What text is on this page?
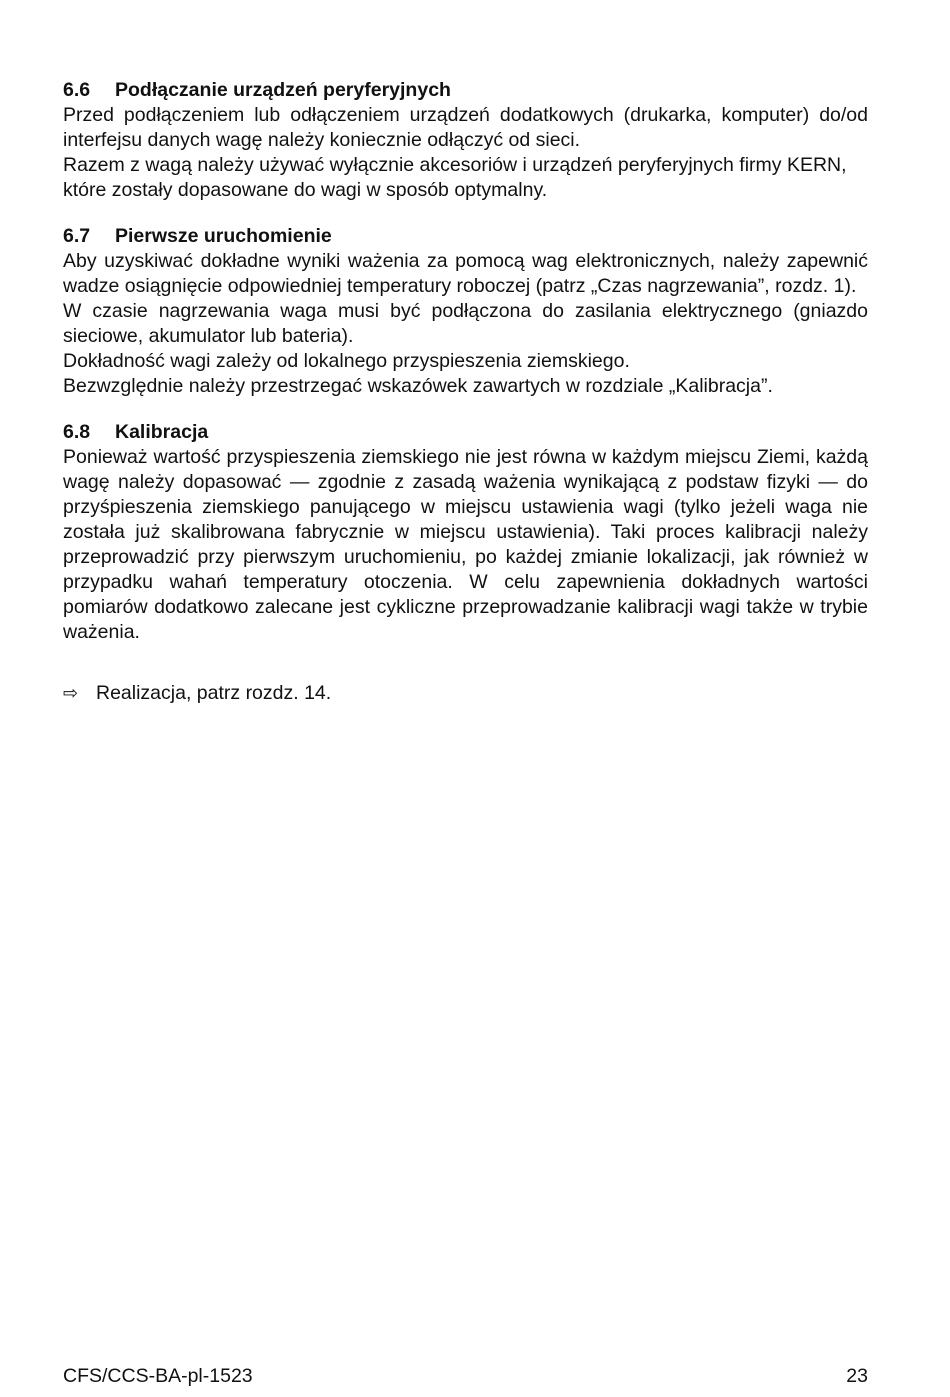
6.6 Podłączanie urządzeń peryferyjnych

Przed podłączeniem lub odłączeniem urządzeń dodatkowych (drukarka, komputer) do/od interfejsu danych wagę należy koniecznie odłączyć od sieci.

Razem z wagą należy używać wyłącznie akcesoriów i urządzeń peryferyjnych firmy KERN, które zostały dopasowane do wagi w sposób optymalny.

6.7 Pierwsze uruchomienie

Aby uzyskiwać dokładne wyniki ważenia za pomocą wag elektronicznych, należy zapewnić wadze osiągnięcie odpowiedniej temperatury roboczej (patrz „Czas nagrzewania”, rozdz. 1).

W czasie nagrzewania waga musi być podłączona do zasilania elektrycznego (gniazdo sieciowe, akumulator lub bateria).

Dokładność wagi zależy od lokalnego przyspieszenia ziemskiego.

Bezwzględnie należy przestrzegać wskazówek zawartych w rozdziale „Kalibracja”.

6.8 Kalibracja

Ponieważ wartość przyspieszenia ziemskiego nie jest równa w każdym miejscu Ziemi, każdą wagę należy dopasować — zgodnie z zasadą ważenia wynikającą z podstaw fizyki — do przyśpieszenia ziemskiego panującego w miejscu ustawienia wagi (tylko jeżeli waga nie została już skalibrowana fabrycznie w miejscu ustawienia). Taki proces kalibracji należy przeprowadzić przy pierwszym uruchomieniu, po każdej zmianie lokalizacji, jak również w przypadku wahań temperatury otoczenia. W celu zapewnienia dokładnych wartości pomiarów dodatkowo zalecane jest cykliczne przeprowadzanie kalibracji wagi także w trybie ważenia.

⇨ Realizacja, patrz rozdz. 14.
CFS/CCS-BA-pl-1523	23
